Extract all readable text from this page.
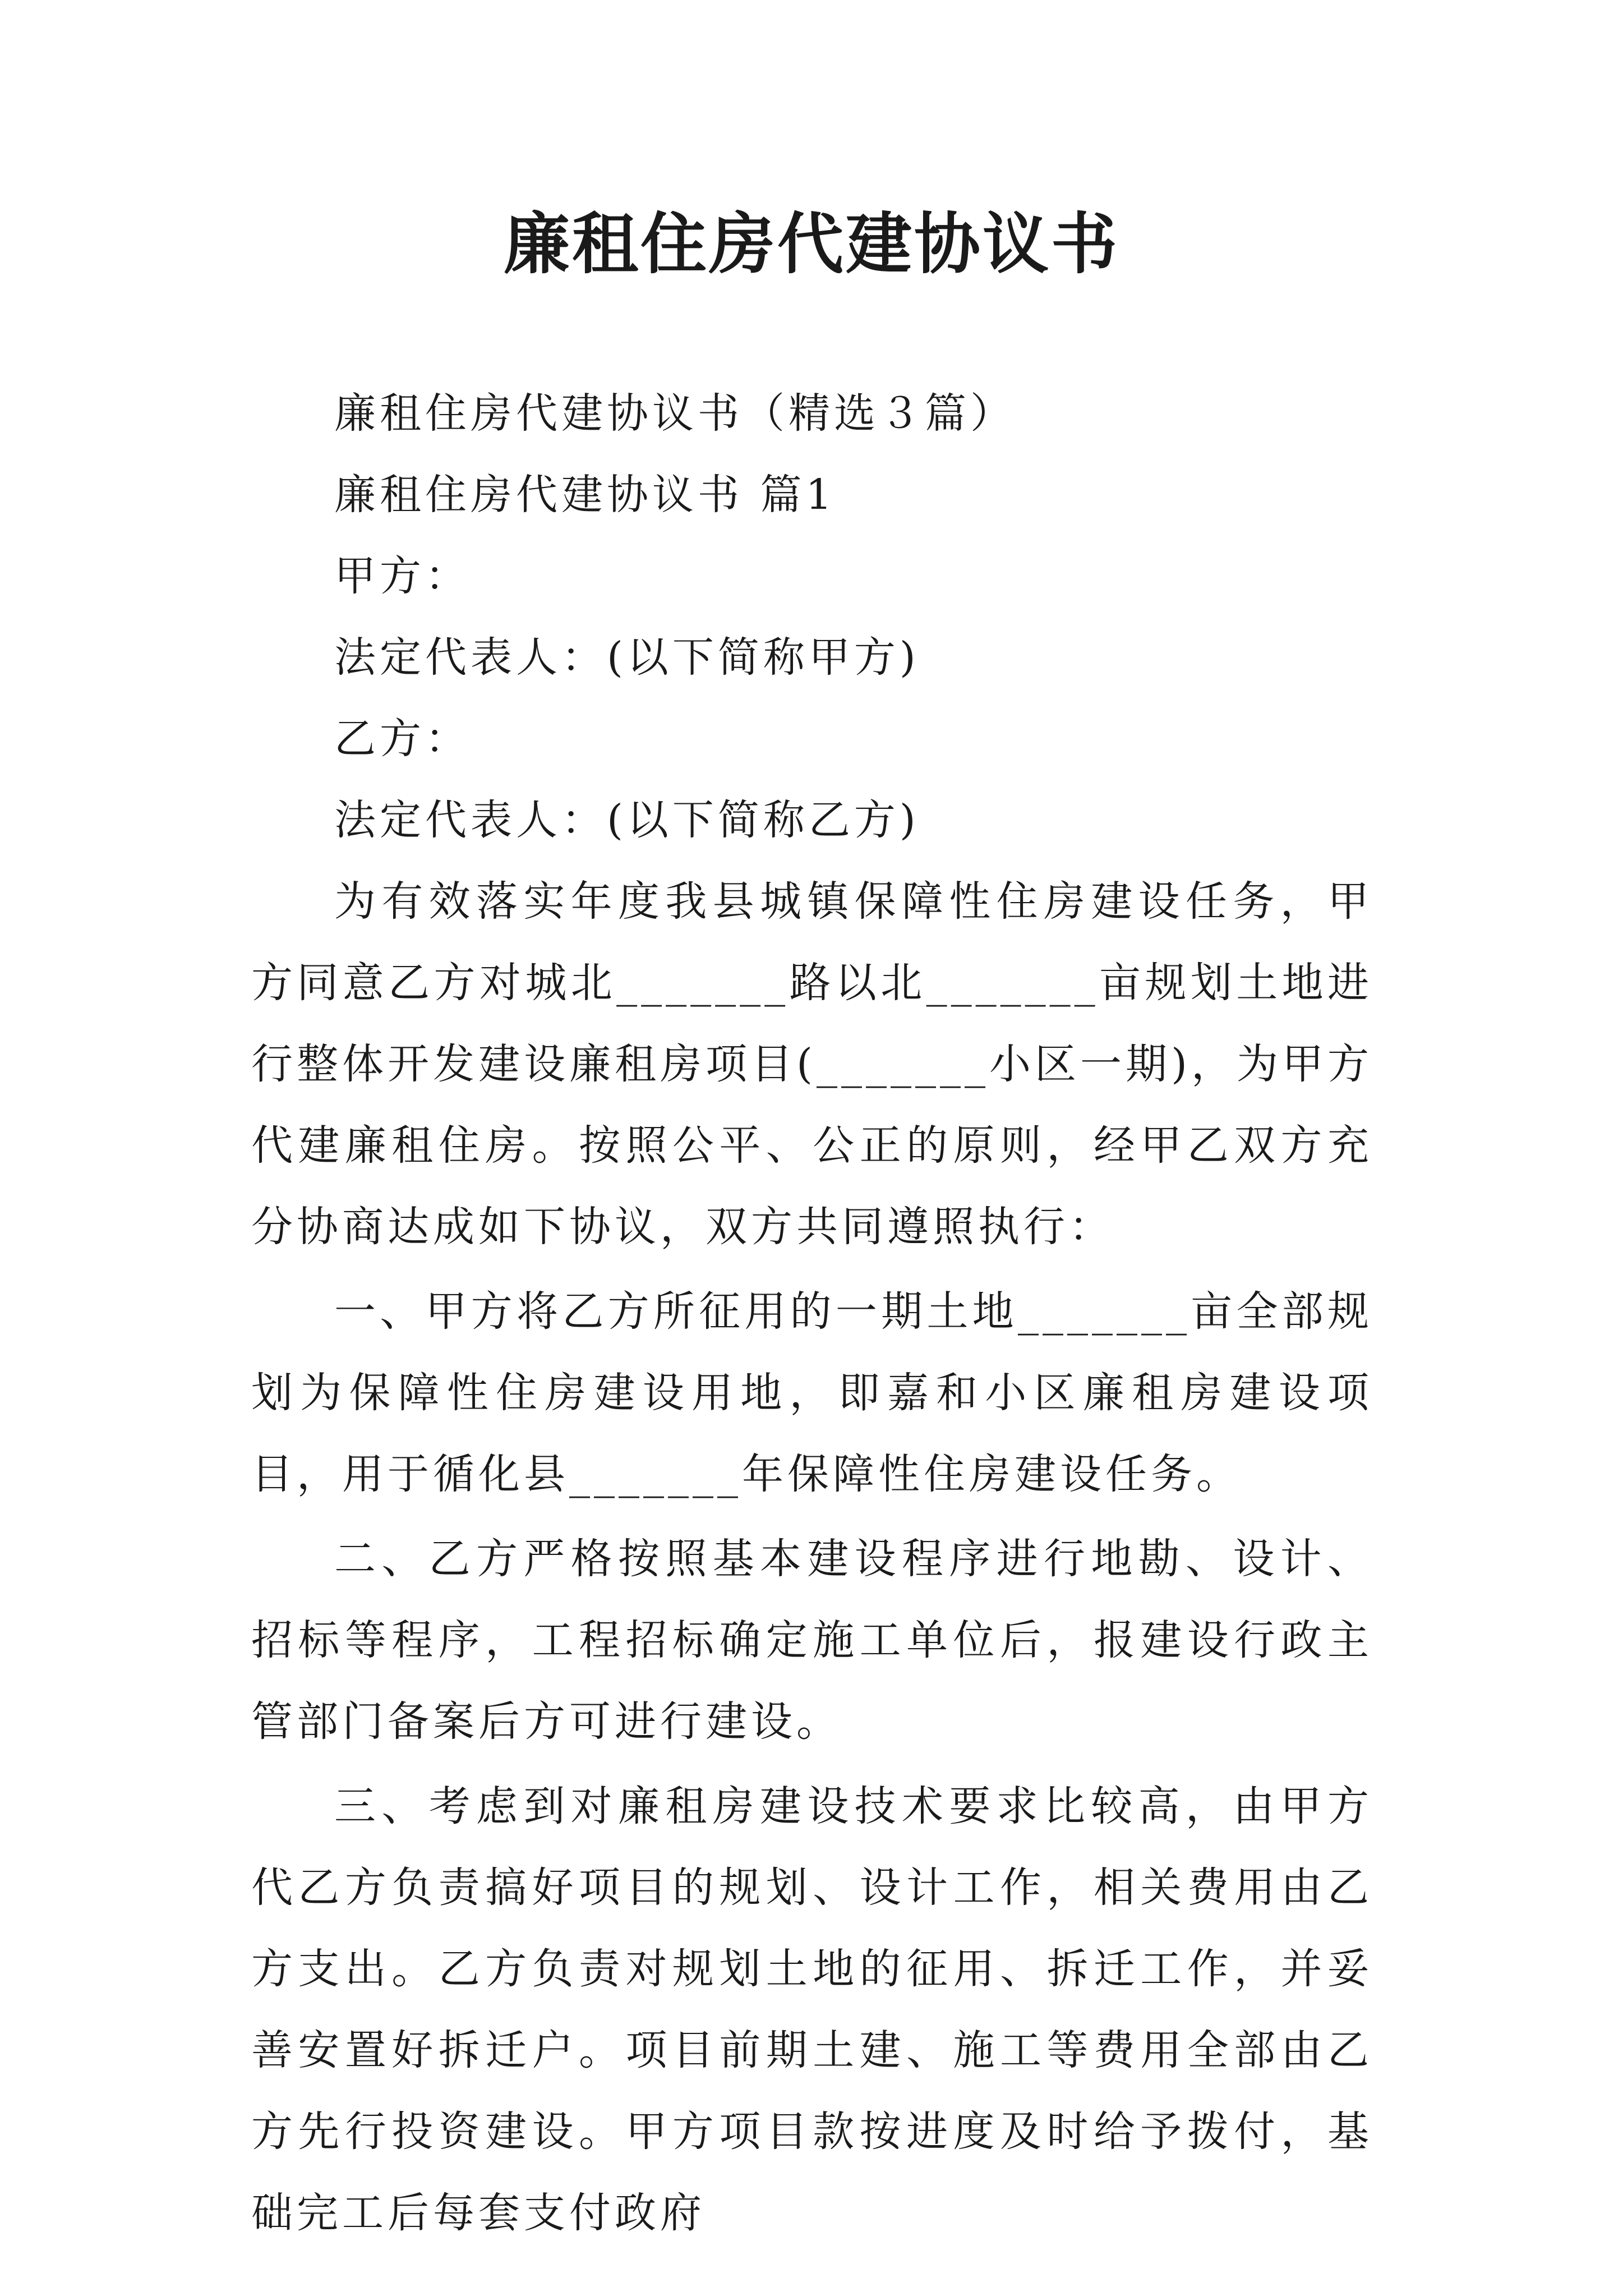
廉租住房代建协议书

廉租住房代建协议书（精选３篇）

廉租住房代建协议书 篇1

甲方：

法定代表人：(以下简称甲方)

乙方：

法定代表人：(以下简称乙方)

为有效落实年度我县城镇保障性住房建设任务，甲方同意乙方对城北_______路以北_______亩规划土地进行整体开发建设廉租房项目(_______小区一期)，为甲方代建廉租住房。按照公平、公正的原则，经甲乙双方充分协商达成如下协议，双方共同遵照执行：

一、甲方将乙方所征用的一期土地_______亩全部规划为保障性住房建设用地，即嘉和小区廉租房建设项目，用于循化县_______年保障性住房建设任务。

二、乙方严格按照基本建设程序进行地勘、设计、招标等程序，工程招标确定施工单位后，报建设行政主管部门备案后方可进行建设。

三、考虑到对廉租房建设技术要求比较高，由甲方代乙方负责搞好项目的规划、设计工作，相关费用由乙方支出。乙方负责对规划土地的征用、拆迁工作，并妥善安置好拆迁户。项目前期土建、施工等费用全部由乙方先行投资建设。甲方项目款按进度及时给予拨付，基础完工后每套支付政府
